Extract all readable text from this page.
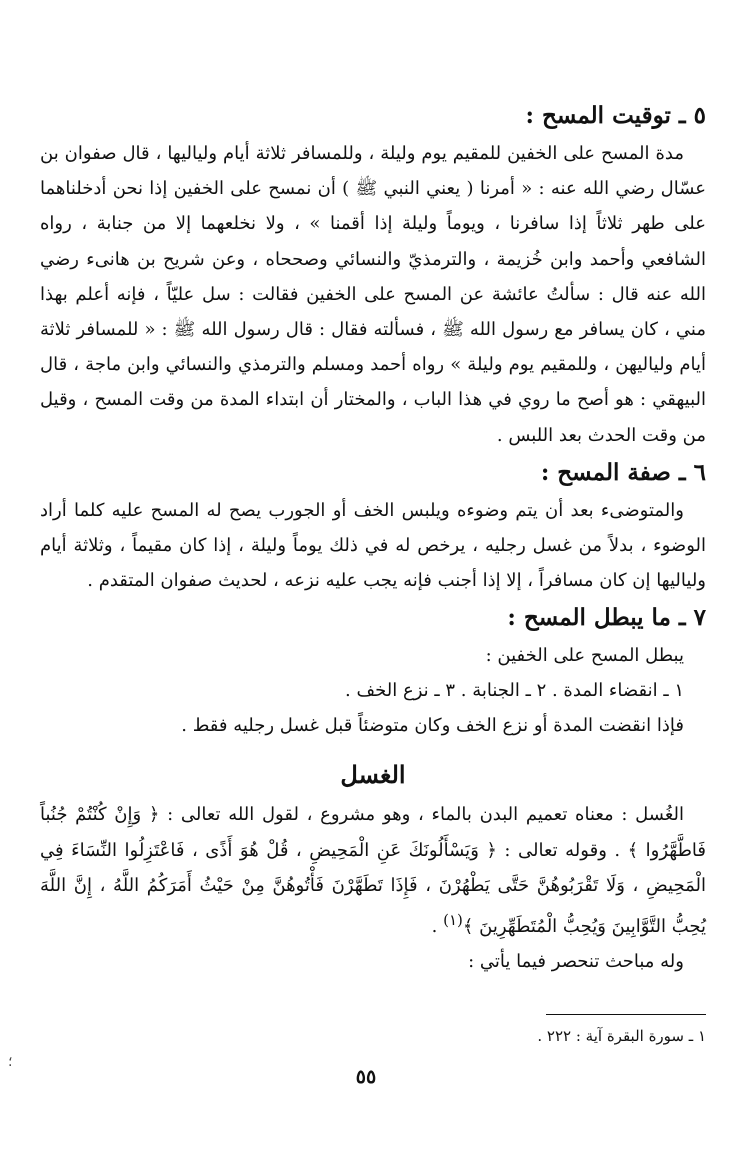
٥ ـ توقيت المسح :

مدة المسح على الخفين للمقيم يوم وليلة ، وللمسافر ثلاثة أيام ولياليها ، قال صفوان بن عسّال رضي الله عنه : « أمرنا ( يعني النبي ﷺ ) أن نمسح على الخفين إذا نحن أدخلناهما على طهر ثلاثاً إذا سافرنا ، ويوماً وليلة إذا أقمنا » ، ولا نخلعهما إلا من جنابة ، رواه الشافعي وأحمد وابن خُزيمة ، والترمذيّ والنسائي وصححاه ، وعن شريح بن هانىء رضي الله عنه قال : سألتُ عائشة عن المسح على الخفين فقالت : سل عليّاً ، فإنه أعلم بهذا مني ، كان يسافر مع رسول الله ﷺ ، فسألته فقال : قال رسول الله ﷺ : « للمسافر ثلاثة أيام ولياليهن ، وللمقيم يوم وليلة » رواه أحمد ومسلم والترمذي والنسائي وابن ماجة ، قال البيهقي : هو أصح ما روي في هذا الباب ، والمختار أن ابتداء المدة من وقت المسح ، وقيل من وقت الحدث بعد اللبس .

٦ ـ صفة المسح :

والمتوضىء بعد أن يتم وضوءه ويلبس الخف أو الجورب يصح له المسح عليه كلما أراد الوضوء ، بدلاً من غسل رجليه ، يرخص له في ذلك يوماً وليلة ، إذا كان مقيماً ، وثلاثة أيام ولياليها إن كان مسافراً ، إلا إذا أجنب فإنه يجب عليه نزعه ، لحديث صفوان المتقدم .

٧ ـ ما يبطل المسح :

يبطل المسح على الخفين :

١ ـ انقضاء المدة . ٢ ـ الجنابة . ٣ ـ نزع الخف .

فإذا انقضت المدة أو نزع الخف وكان متوضئاً قبل غسل رجليه فقط .

الغسل

الغُسل : معناه تعميم البدن بالماء ، وهو مشروع ، لقول الله تعالى : ﴿ وَإِنْ كُنْتُمْ جُنُباً فَاطَّهَّرُوا ﴾ . وقوله تعالى : ﴿ وَيَسْأَلُونَكَ عَنِ الْمَحِيضِ ، قُلْ هُوَ أَذًى ، فَاعْتَزِلُوا النِّسَاءَ فِي الْمَحِيضِ ، وَلَا تَقْرَبُوهُنَّ حَتَّى يَطْهُرْنَ ، فَإِذَا تَطَهَّرْنَ فَأْتُوهُنَّ مِنْ حَيْثُ أَمَرَكُمُ اللَّهُ ، إِنَّ اللَّهَ يُحِبُّ التَّوَّابِينَ وَيُحِبُّ الْمُتَطَهِّرِينَ ﴾$^{(١)}$ .

وله مباحث تنحصر فيما يأتي :

١ ـ سورة البقرة آية : ٢٢٢ .
٥٥
؛
